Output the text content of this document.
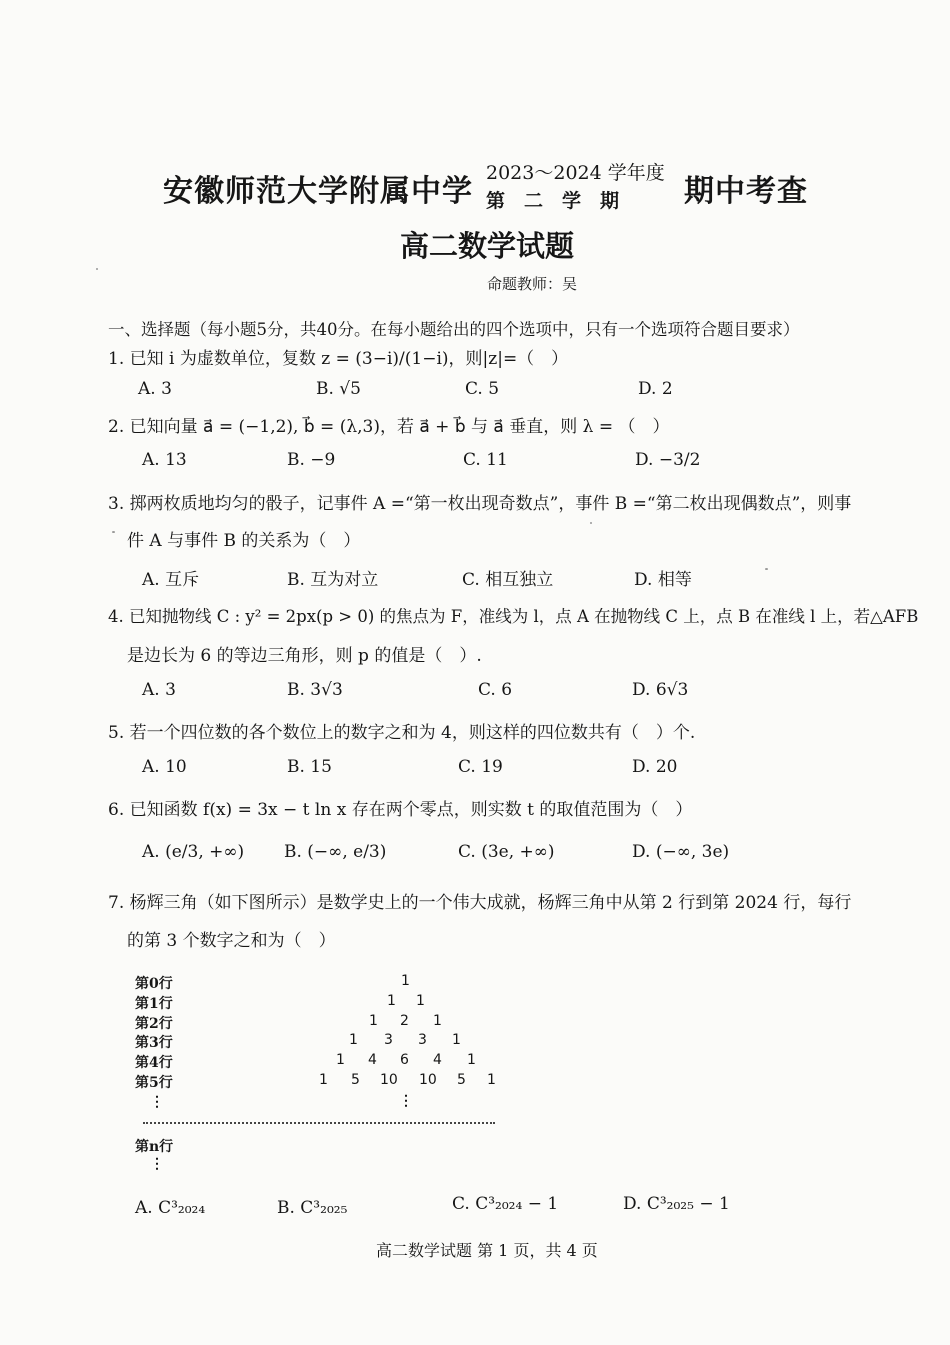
安徽师范大学附属中学
2023～2024 学年度
第　二　学　期 期中考查
高二数学试题
命题教师：吴
一、选择题（每小题5分，共40分。在每小题给出的四个选项中，只有一个选项符合题目要求）
1. 已知 i 为虚数单位，复数 z = (3−i)/(1−i)，则|z|=（　）
A. 3	B. √5	C. 5	D. 2
2. 已知向量 a⃗ = (−1,2), b⃗ = (λ,3)，若 a⃗ + b⃗ 与 a⃗ 垂直，则 λ = （　）
A. 13	B. −9	C. 11	D. −3/2
3. 掷两枚质地均匀的骰子，记事件 A =“第一枚出现奇数点”，事件 B =“第二枚出现偶数点”，则事
件 A 与事件 B 的关系为（　）
A. 互斥	B. 互为对立	C. 相互独立	D. 相等
4. 已知抛物线 C : y² = 2px(p > 0) 的焦点为 F，准线为 l，点 A 在抛物线 C 上，点 B 在准线 l 上，若△AFB
是边长为 6 的等边三角形，则 p 的值是（　）.
A. 3	B. 3√3	C. 6	D. 6√3
5. 若一个四位数的各个数位上的数字之和为 4，则这样的四位数共有（　）个.
A. 10	B. 15	C. 19	D. 20
6. 已知函数 f(x) = 3x − t ln x 存在两个零点，则实数 t 的取值范围为（　）
A. (e/3, +∞) B. (−∞, e/3)	C. (3e, +∞)	D. (−∞, 3e)
7. 杨辉三角（如下图所示）是数学史上的一个伟大成就，杨辉三角中从第 2 行到第 2024 行，每行
的第 3 个数字之和为（　）
第0行
第1行
第2行
第3行
第4行
第5行
⋮
第n行
⋮
1
1 1
1 2 1
1 3 3 1
1 4 6 4 1
1 5 10 10 5 1
⋮
A. C³₂₀₂₄	B. C³₂₀₂₅	C. C³₂₀₂₄ − 1	D. C³₂₀₂₅ − 1
高二数学试题 第 1 页，共 4 页
